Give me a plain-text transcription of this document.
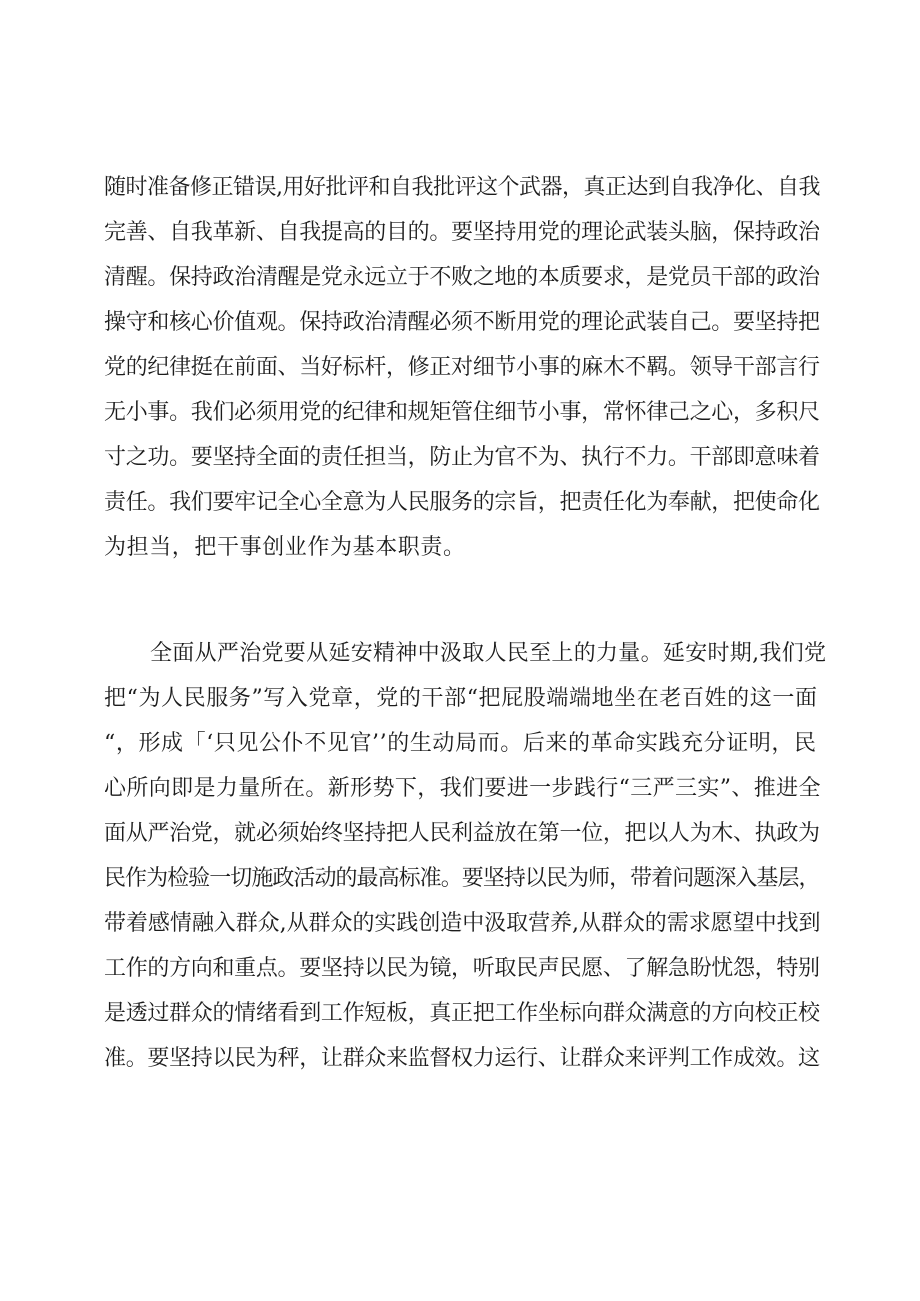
随时准备修正错误,用好批评和自我批评这个武器，真正达到自我净化、自我
完善、自我革新、自我提高的目的。要坚持用党的理论武装头脑，保持政治
清醒。保持政治清醒是党永远立于不败之地的本质要求，是党员干部的政治
操守和核心价值观。保持政治清醒必须不断用党的理论武装自己。要坚持把
党的纪律挺在前面、当好标杆，修正对细节小事的麻木不羁。领导干部言行
无小事。我们必须用党的纪律和规矩管住细节小事，常怀律己之心，多积尺
寸之功。要坚持全面的责任担当，防止为官不为、执行不力。干部即意味着
责任。我们要牢记全心全意为人民服务的宗旨，把责任化为奉献，把使命化
为担当，把干事创业作为基本职责。
全面从严治党要从延安精神中汲取人民至上的力量。延安时期,我们党
把“为人民服务”写入党章，党的干部“把屁股端端地坐在老百姓的这一面
“，形成「‘只见公仆不见官’’的生动局而。后来的革命实践充分证明，民
心所向即是力量所在。新形势下，我们要进一步践行“三严三实”、推进全
面从严治党，就必须始终坚持把人民利益放在第一位，把以人为木、执政为
民作为检验一切施政活动的最高标准。要坚持以民为师，带着问题深入基层，
带着感情融入群众,从群众的实践创造中汲取营养,从群众的需求愿望中找到
工作的方向和重点。要坚持以民为镜，听取民声民愿、了解急盼忧怨，特别
是透过群众的情绪看到工作短板，真正把工作坐标向群众满意的方向校正校
准。要坚持以民为秤，让群众来监督权力运行、让群众来评判工作成效。这
